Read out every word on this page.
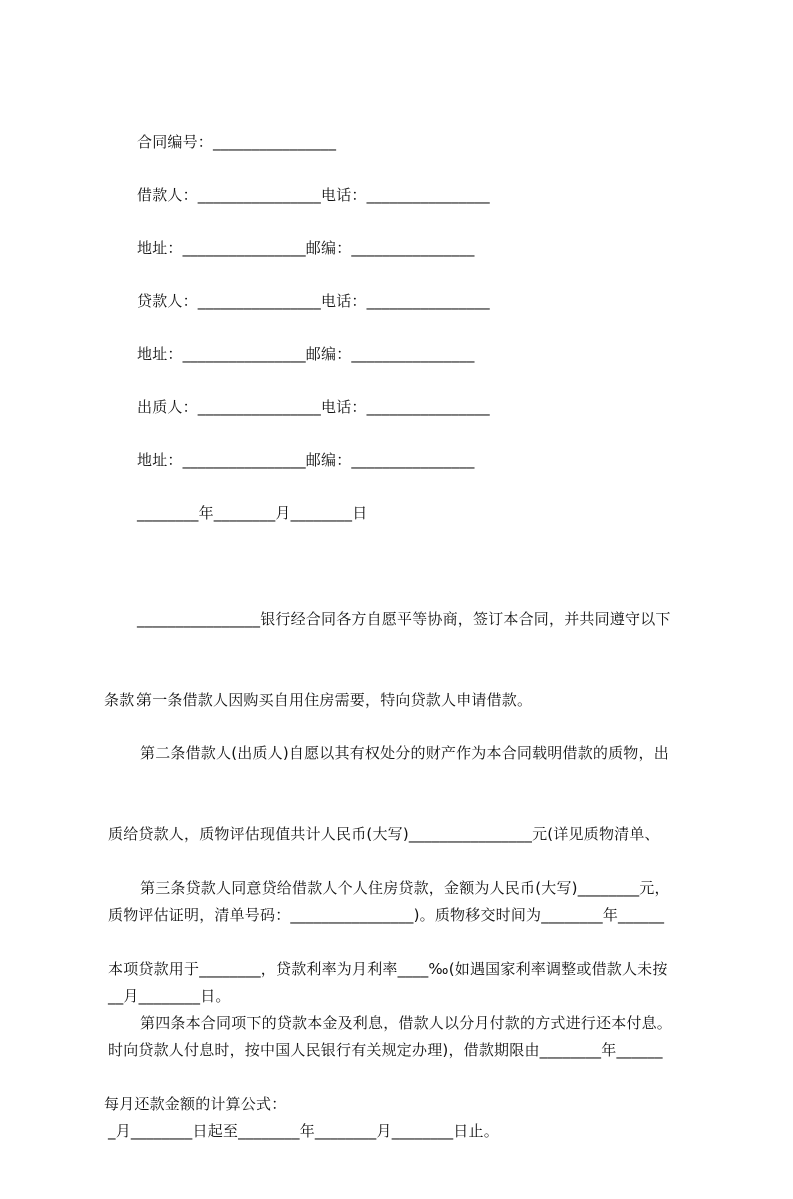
合同编号：________________
借款人：________________电话：________________
地址：________________邮编：________________
贷款人：________________电话：________________
地址：________________邮编：________________
出质人：________________电话：________________
地址：________________邮编：________________
________年________月________日

________________银行经合同各方自愿平等协商，签订本合同，并共同遵守以下

条款：

第一条借款人因购买自用住房需要，特向贷款人申请借款。

第二条借款人(出质人)自愿以其有权处分的财产作为本合同载明借款的质物，出

质给贷款人，质物评估现值共计人民币(大写)________________元(详见质物清单、

质物评估证明，清单号码：________________)。质物移交时间为________年______

__月________日。

第三条贷款人同意贷给借款人个人住房贷款，金额为人民币(大写)________元，

本项贷款用于________，贷款利率为月利率____‰(如遇国家利率调整或借款人未按

时向贷款人付息时，按中国人民银行有关规定办理)，借款期限由________年______

_月________日起至________年________月________日止。

第四条本合同项下的贷款本金及利息，借款人以分月付款的方式进行还本付息。

每月还款金额的计算公式：
